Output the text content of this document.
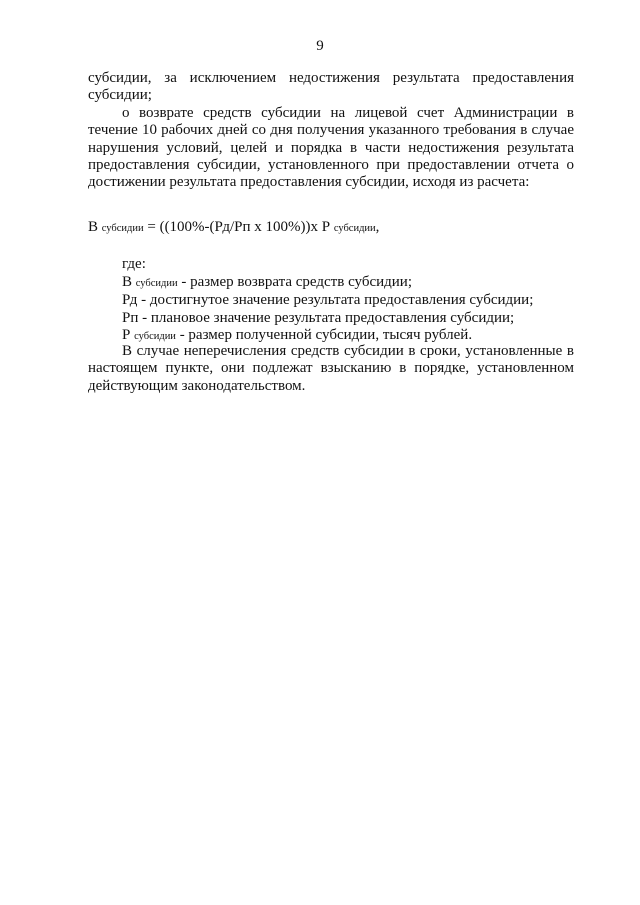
9

субсидии, за исключением недостижения результата предоставления субсидии;

о возврате средств субсидии на лицевой счет Администрации в течение 10 рабочих дней со дня получения указанного требования в случае нарушения условий, целей и порядка в части недостижения результата предоставления субсидии, установленного при предоставлении отчета о достижении результата предоставления субсидии, исходя из расчета:

В субсидии = ((100%-(Рд/Рп х 100%))х Р субсидии,

где:

В субсидии - размер возврата средств субсидии;

Рд - достигнутое значение результата предоставления субсидии;

Рп - плановое значение результата предоставления субсидии;

Р субсидии - размер полученной субсидии, тысяч рублей.

В случае неперечисления средств субсидии в сроки, установленные в настоящем пункте, они подлежат взысканию в порядке, установленном действующим законодательством.
